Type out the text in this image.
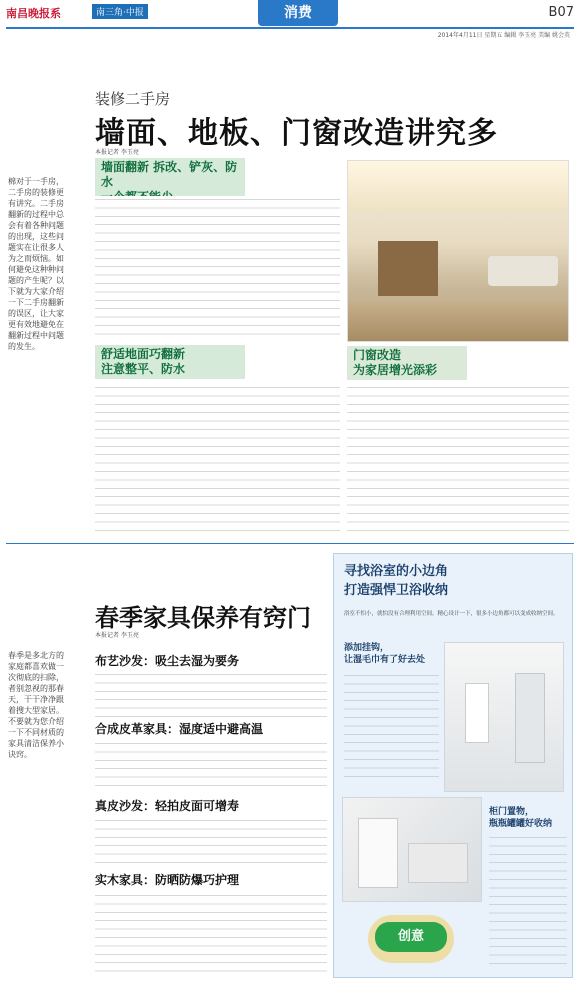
南昌晚报系	南三角·中报	消费	B07
2014年4月11日 星期五 编辑 李玉亮 美编 姚会英
装修二手房
墙面、地板、门窗改造讲究多
本报记者 李玉亮
棉对于一手房，二手房的装修更有讲究。二手房翻新的过程中总会有着各种问题的出现，这些问题实在让很多人为之而烦恼。如何避免这种种问题的产生呢？以下就为大家介绍一下二手房翻新的误区，让大家更有效地避免在翻新过程中问题的发生。
墙面翻新 拆改、铲灰、防水
舒适地面巧翻新
注意整平、防水
门窗改造
为家居增光添彩
春季家具保养有窍门
本报记者 李玉亮
春季是多北方的家庭都喜欢做一次彻底的扫除，者别忽视的那春天，干干净净跟着搜大型家居。不要就为您介绍一下不同材质的家具清洁保养小诀窍。
布艺沙发：吸尘去湿为要务
合成皮革家具：湿度适中避高温
真皮沙发：轻拍皮面可增寿
实木家具：防晒防爆巧护理
寻找浴室的小边角
打造强悍卫浴收纳
浴室不怕小，就怕没有合理利用空间。精心设计一下，很多小边角都可以变成收纳空间。
添加挂钩，
让湿毛巾有了好去处
柜门置物，
瓶瓶罐罐好收纳
创意
